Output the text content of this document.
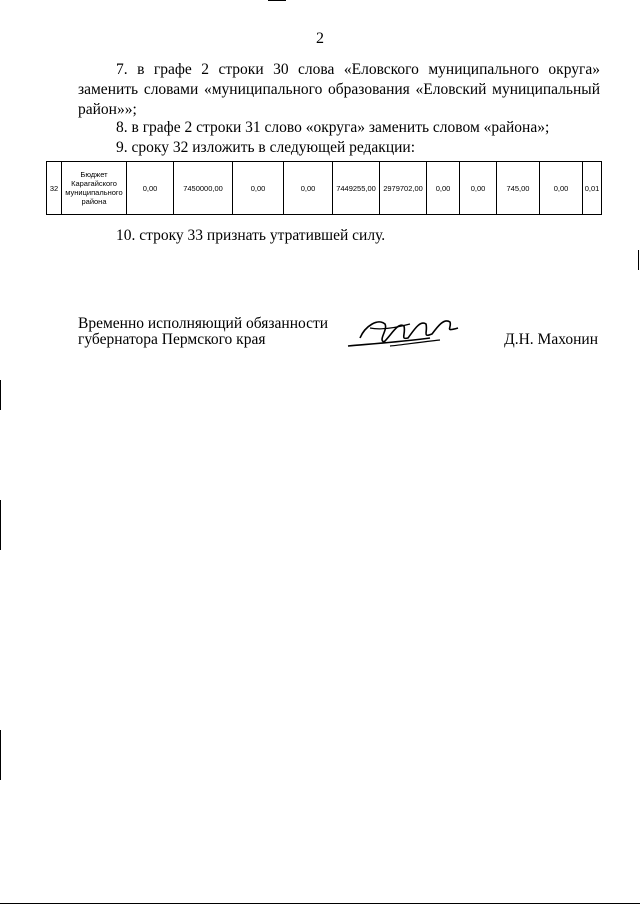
2
7. в графе 2 строки 30 слова «Еловского муниципального округа» заменить словами «муниципального образования «Еловский муниципальный район»»;
8. в графе 2 строки 31 слово «округа» заменить словом «района»;
9. сроку 32 изложить в следующей редакции:
32	Бюджет Карагайского муниципального района	0,00	7450000,00	0,00	0,00	7449255,00	2979702,00	0,00	0,00	745,00	0,00	0,01
10. строку 33 признать утратившей силу.
Временно исполняющий обязанности
губернатора Пермского края	Д.Н. Махонин
